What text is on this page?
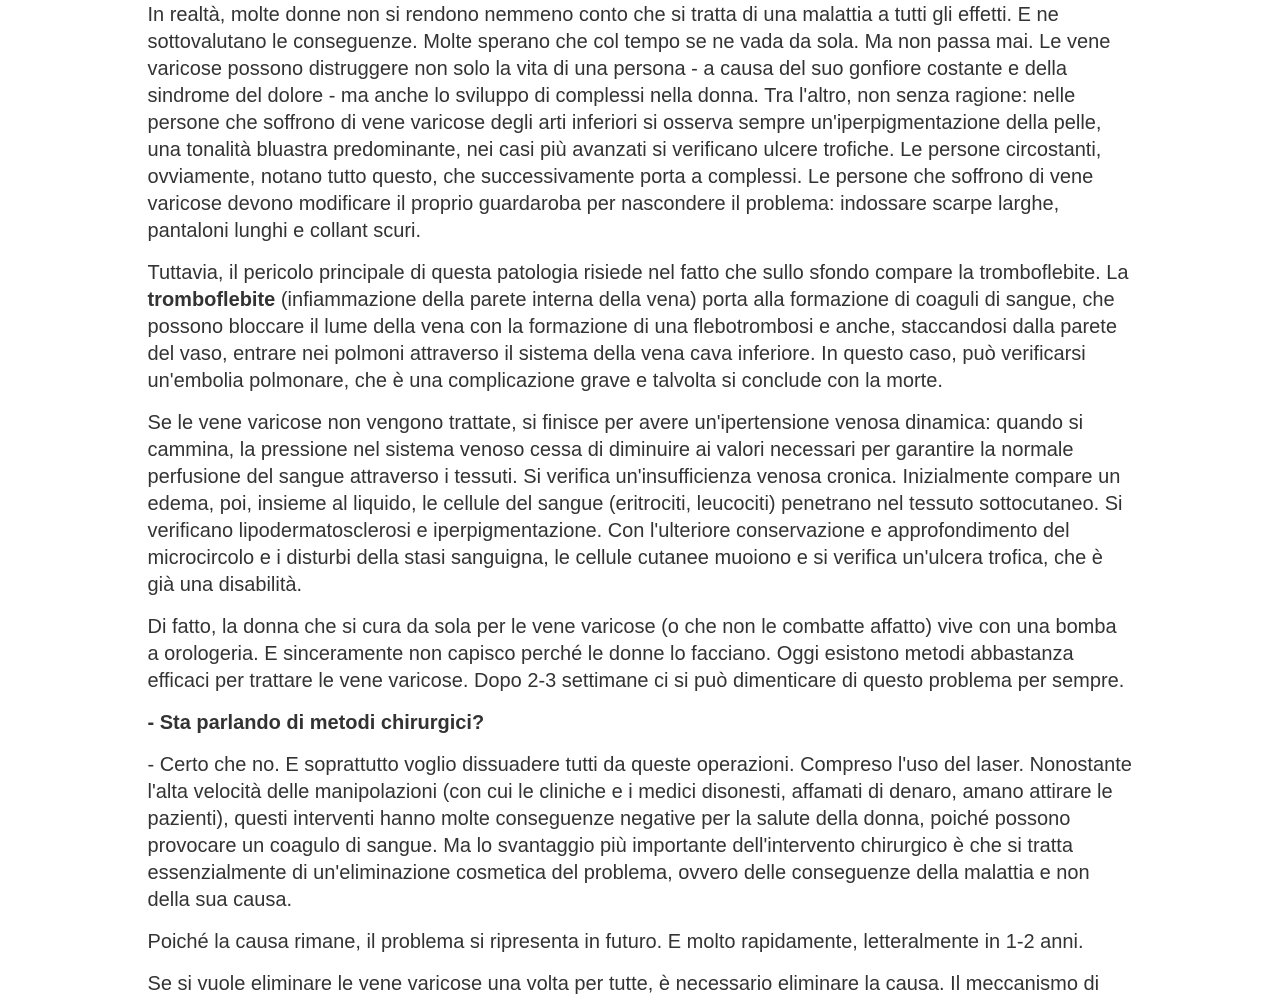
In realtà, molte donne non si rendono nemmeno conto che si tratta di una malattia a tutti gli effetti. E ne sottovalutano le conseguenze. Molte sperano che col tempo se ne vada da sola. Ma non passa mai. Le vene varicose possono distruggere non solo la vita di una persona - a causa del suo gonfiore costante e della sindrome del dolore - ma anche lo sviluppo di complessi nella donna. Tra l'altro, non senza ragione: nelle persone che soffrono di vene varicose degli arti inferiori si osserva sempre un'iperpigmentazione della pelle, una tonalità bluastra predominante, nei casi più avanzati si verificano ulcere trofiche. Le persone circostanti, ovviamente, notano tutto questo, che successivamente porta a complessi. Le persone che soffrono di vene varicose devono modificare il proprio guardaroba per nascondere il problema: indossare scarpe larghe, pantaloni lunghi e collant scuri.

Tuttavia, il pericolo principale di questa patologia risiede nel fatto che sullo sfondo compare la tromboflebite. La tromboflebite (infiammazione della parete interna della vena) porta alla formazione di coaguli di sangue, che possono bloccare il lume della vena con la formazione di una flebotrombosi e anche, staccandosi dalla parete del vaso, entrare nei polmoni attraverso il sistema della vena cava inferiore. In questo caso, può verificarsi un'embolia polmonare, che è una complicazione grave e talvolta si conclude con la morte.

Se le vene varicose non vengono trattate, si finisce per avere un'ipertensione venosa dinamica: quando si cammina, la pressione nel sistema venoso cessa di diminuire ai valori necessari per garantire la normale perfusione del sangue attraverso i tessuti. Si verifica un'insufficienza venosa cronica. Inizialmente compare un edema, poi, insieme al liquido, le cellule del sangue (eritrociti, leucociti) penetrano nel tessuto sottocutaneo. Si verificano lipodermatosclerosi e iperpigmentazione. Con l'ulteriore conservazione e approfondimento del microcircolo e i disturbi della stasi sanguigna, le cellule cutanee muoiono e si verifica un'ulcera trofica, che è già una disabilità.

Di fatto, la donna che si cura da sola per le vene varicose (o che non le combatte affatto) vive con una bomba a orologeria. E sinceramente non capisco perché le donne lo facciano. Oggi esistono metodi abbastanza efficaci per trattare le vene varicose. Dopo 2-3 settimane ci si può dimenticare di questo problema per sempre.

- Sta parlando di metodi chirurgici?

- Certo che no. E soprattutto voglio dissuadere tutti da queste operazioni. Compreso l'uso del laser. Nonostante l'alta velocità delle manipolazioni (con cui le cliniche e i medici disonesti, affamati di denaro, amano attirare le pazienti), questi interventi hanno molte conseguenze negative per la salute della donna, poiché possono provocare un coagulo di sangue. Ma lo svantaggio più importante dell'intervento chirurgico è che si tratta essenzialmente di un'eliminazione cosmetica del problema, ovvero delle conseguenze della malattia e non della sua causa.

Poiché la causa rimane, il problema si ripresenta in futuro. E molto rapidamente, letteralmente in 1-2 anni.

Se si vuole eliminare le vene varicose una volta per tutte, è necessario eliminare la causa. Il meccanismo di
